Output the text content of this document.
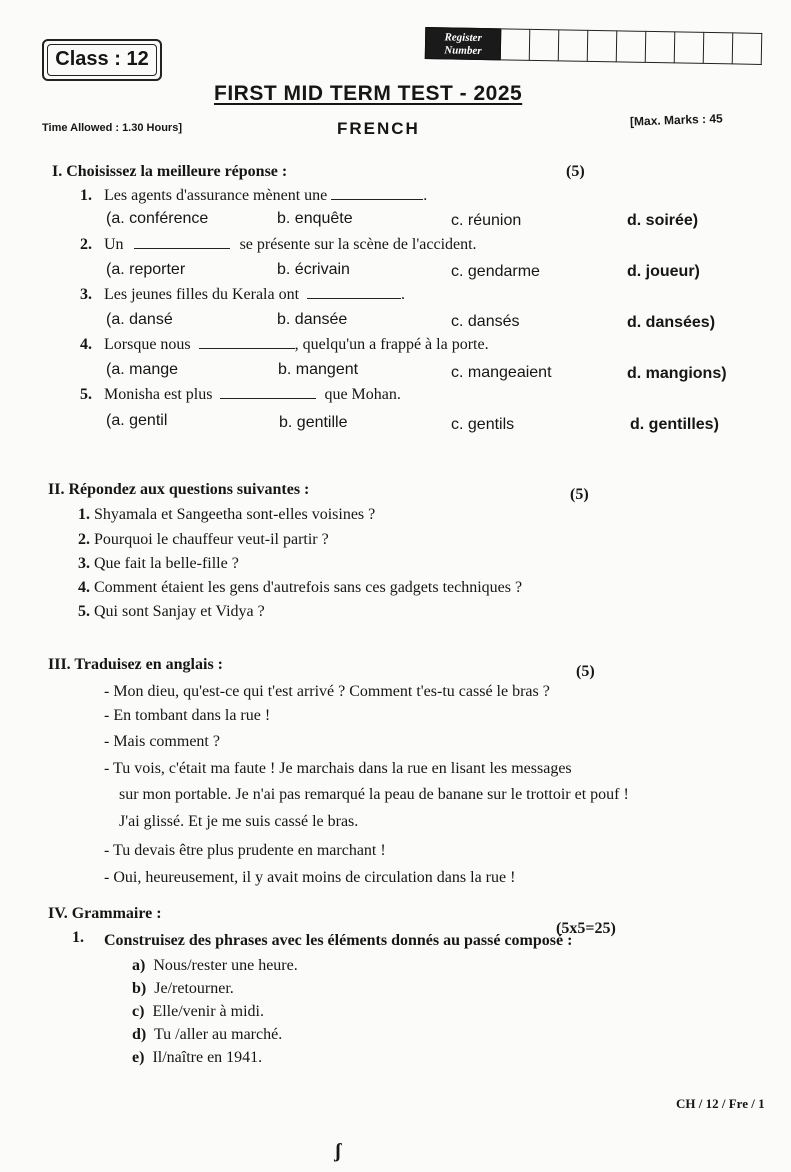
Class : 12
Register
Number
FIRST MID TERM TEST - 2025
Time Allowed : 1.30 Hours]	FRENCH	[Max. Marks : 45
I. Choisissez la meilleure réponse :	(5)
1. Les agents d'assurance mènent une	.
(a. conférence	b. enquête	c. réunion	d. soirée)
2. Un	se présente sur la scène de l'accident.
(a. reporter	b. écrivain	c. gendarme	d. joueur)
3. Les jeunes filles du Kerala ont	.
(a. dansé	b. dansée	c. dansés	d. dansées)
4. Lorsque nous	, quelqu'un a frappé à la porte.
(a. mange	b. mangent	c. mangeaient	d. mangions)
5. Monisha est plus	que Mohan.
(a. gentil	b. gentille	c. gentils	d. gentilles)
II. Répondez aux questions suivantes :	(5)
1. Shyamala et Sangeetha sont-elles voisines ?
2. Pourquoi le chauffeur veut-il partir ?
3. Que fait la belle-fille ?
4. Comment étaient les gens d'autrefois sans ces gadgets techniques ?
5. Qui sont Sanjay et Vidya ?
III. Traduisez en anglais :	(5)
- Mon dieu, qu'est-ce qui t'est arrivé ? Comment t'es-tu cassé le bras ?
- En tombant dans la rue !
- Mais comment ?
- Tu vois, c'était ma faute ! Je marchais dans la rue en lisant les messages
sur mon portable. Je n'ai pas remarqué la peau de banane sur le trottoir et pouf !
J'ai glissé. Et je me suis cassé le bras.
- Tu devais être plus prudente en marchant !
- Oui, heureusement, il y avait moins de circulation dans la rue !
IV. Grammaire :
(5x5=25)
1. Construisez des phrases avec les éléments donnés au passé composé :
a) Nous/rester une heure.
b) Je/retourner.
c) Elle/venir à midi.
d) Tu /aller au marché.
e) Il/naître en 1941.
CH / 12 / Fre / 1
ʃ
